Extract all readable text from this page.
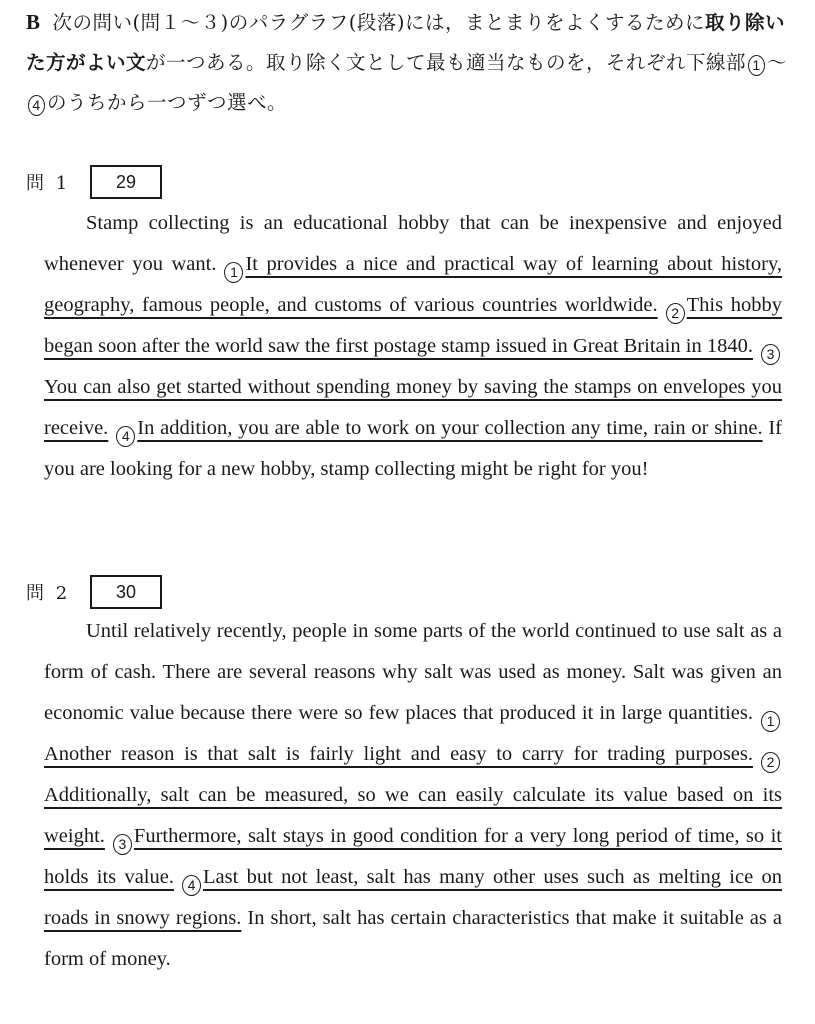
B 次の問い(問１～３)のパラグラフ(段落)には，まとまりをよくするために取り除いた方がよい文が一つある。取り除く文として最も適当なものを，それぞれ下線部 1 ～4 のうちから一つずつ選べ。
問 1	29

Stamp collecting is an educational hobby that can be inexpensive and enjoyed whenever you want. 1 It provides a nice and practical way of learning about history, geography, famous people, and customs of various countries worldwide. 2 This hobby began soon after the world saw the first postage stamp issued in Great Britain in 1840. 3You can also get started without spending money by saving the stamps on envelopes you receive. 4 In addition, you are able to work on your collection any time, rain or shine. If you are looking for a new hobby, stamp collecting might be right for you!

問 2	30

Until relatively recently, people in some parts of the world continued to use salt as a form of cash. There are several reasons why salt was used as money. Salt was given an economic value because there were so few places that produced it in large quantities. 1Another reason is that salt is fairly light and easy to carry for trading purposes. 2Additionally, salt can be measured, so we can easily calculate its value based on its weight. 3 Furthermore, salt stays in good condition for a very long period of time, so it holds its value. 4 Last but not least, salt has many other uses such as melting ice on roads in snowy regions. In short, salt has certain characteristics that make it suitable as a form of money.
